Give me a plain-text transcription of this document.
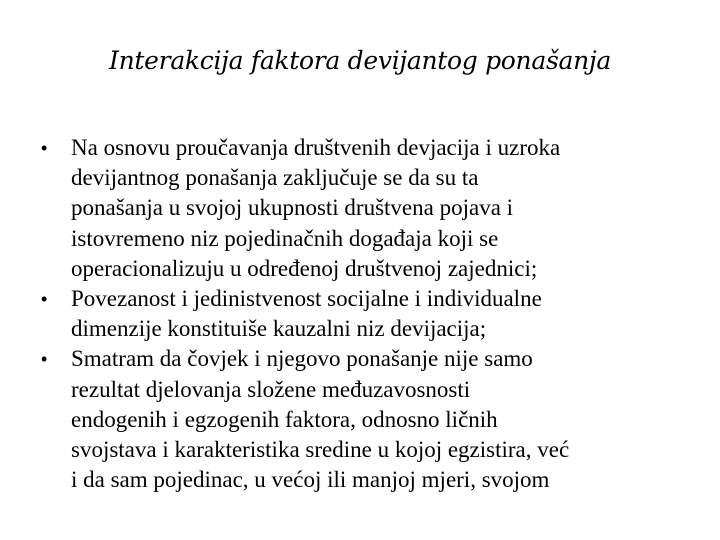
Interakcija faktora devijantog ponašanja
• Na osnovu proučavanja društvenih devjacija i uzroka
devijantnog ponašanja zaključuje se da su ta
ponašanja u svojoj ukupnosti društvena pojava i
istovremeno niz pojedinačnih događaja koji se
operacionalizuju u određenoj društvenoj zajednici;
• Povezanost i jedinistvenost socijalne i individualne
dimenzije konstituiše kauzalni niz devijacija;
• Smatram da čovjek i njegovo ponašanje nije samo
rezultat djelovanja složene međuzavosnosti
endogenih i egzogenih faktora, odnosno ličnih
svojstava i karakteristika sredine u kojoj egzistira, već
i da sam pojedinac, u većoj ili manjoj mjeri, svojom
